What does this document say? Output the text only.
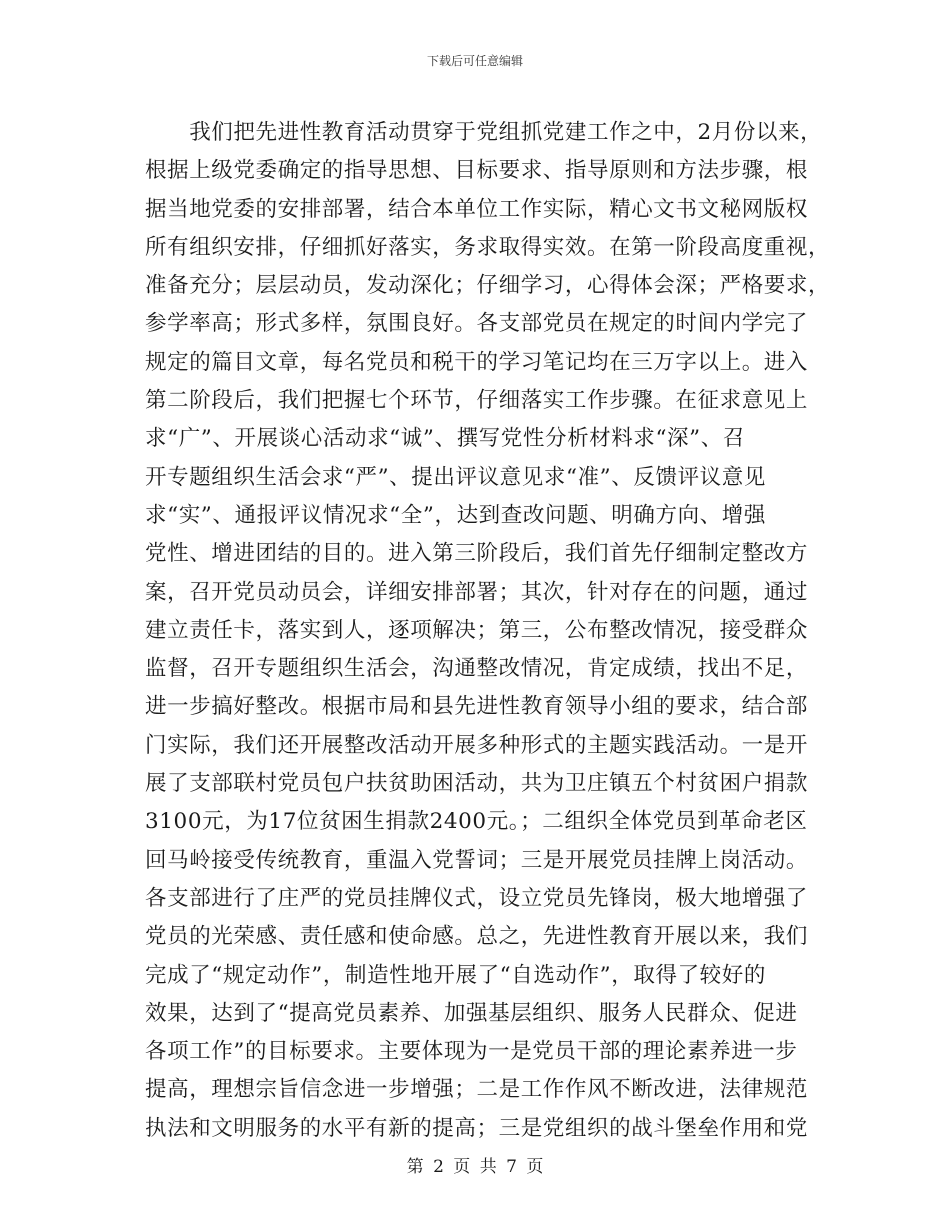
下载后可任意编辑
　　我们把先进性教育活动贯穿于党组抓党建工作之中，2月份以来，
根据上级党委确定的指导思想、目标要求、指导原则和方法步骤，根
据当地党委的安排部署，结合本单位工作实际，精心文书文秘网版权
所有组织安排，仔细抓好落实，务求取得实效。在第一阶段高度重视，
准备充分；层层动员，发动深化；仔细学习，心得体会深；严格要求，
参学率高；形式多样，氛围良好。各支部党员在规定的时间内学完了
规定的篇目文章，每名党员和税干的学习笔记均在三万字以上。进入
第二阶段后，我们把握七个环节，仔细落实工作步骤。在征求意见上
求“广”、开展谈心活动求“诚”、撰写党性分析材料求“深”、召
开专题组织生活会求“严”、提出评议意见求“准”、反馈评议意见
求“实”、通报评议情况求“全”，达到查改问题、明确方向、增强
党性、增进团结的目的。进入第三阶段后，我们首先仔细制定整改方
案，召开党员动员会，详细安排部署；其次，针对存在的问题，通过
建立责任卡，落实到人，逐项解决；第三，公布整改情况，接受群众
监督，召开专题组织生活会，沟通整改情况，肯定成绩，找出不足，
进一步搞好整改。根据市局和县先进性教育领导小组的要求，结合部
门实际，我们还开展整改活动开展多种形式的主题实践活动。一是开
展了支部联村党员包户扶贫助困活动，共为卫庄镇五个村贫困户捐款
3100元，为17位贫困生捐款2400元。；二组织全体党员到革命老区
回马岭接受传统教育，重温入党誓词；三是开展党员挂牌上岗活动。
各支部进行了庄严的党员挂牌仪式，设立党员先锋岗，极大地增强了
党员的光荣感、责任感和使命感。总之，先进性教育开展以来，我们
完成了“规定动作”，制造性地开展了“自选动作”，取得了较好的
效果，达到了“提高党员素养、加强基层组织、服务人民群众、促进
各项工作”的目标要求。主要体现为一是党员干部的理论素养进一步
提高，理想宗旨信念进一步增强；二是工作作风不断改进，法律规范
执法和文明服务的水平有新的提高；三是党组织的战斗堡垒作用和党
第 2 页 共 7 页
